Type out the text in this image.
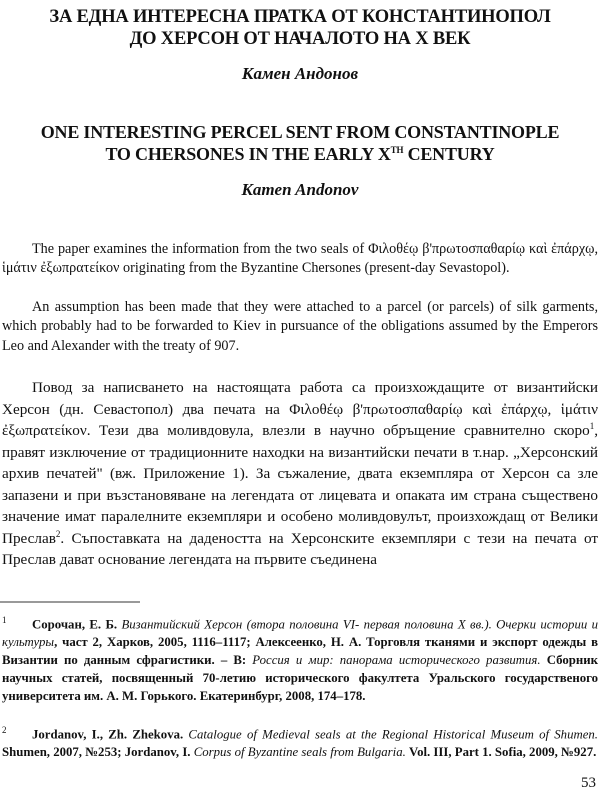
ЗА ЕДНА ИНТЕРЕСНА ПРАТКА ОТ КОНСТАНТИНОПОЛ
ДО ХЕРСОН ОТ НАЧАЛОТО НА Х ВЕК
Камен Андонов
ONE INTERESTING PERCEL SENT FROM CONSTANTINOPLE
TO CHERSONES IN THE EARLY XTH CENTURY
Kamen Andonov
The paper examines the information from the two seals of Φιλοθέῳ β'πρωτοσπαθαρίῳ καὶ ἐπάρχῳ, ἱμάτιν ἐξωπρατείκον originating from the Byzantine Chersones (present-day Sevastopol).
An assumption has been made that they were attached to a parcel (or parcels) of silk garments, which probably had to be forwarded to Kiev in pursuance of the obligations assumed by the Emperors Leo and Alexander with the treaty of 907.
Повод за написването на настоящата работа са произхождащите от византийски Херсон (дн. Севастопол) два печата на Φιλοθέῳ β'πρωτοσπαθαρίῳ καὶ ἐπάρχῳ, ἱμάτιν ἐξωπρατείκον. Тези два моливдовула, влезли в научно обръщение сравнително скоро$^1$, правят изключение от традиционните находки на византийски печати в т.нар. „Херсонский архив печатей" (вж. Приложение 1). За съжаление, двата екземпляра от Херсон са зле запазени и при възстановяване на легендата от лицевата и опаката им страна съществено значение имат паралелните екземпляри и особено моливдовулът, произхождащ от Велики Преслав$^2$. Съпоставката на дадеността на Херсонските екземпляри с тези на печата от Преслав дават основание легендата на първите съединена
1 Сорочан, Е. Б. Византийский Херсон (втора половина VI- первая половина X вв.). Очерки истории и культуры, част 2, Харков, 2005, 1116–1117; Алексеенко, Н. А. Торговля тканями и экспорт одежды в Византии по данным сфрагистики. – В: Россия и мир: панорама исторического развития. Сборник научных статей, посвященный 70-летию исторического факултета Уральского государственого университета им. А. М. Горького. Екатеринбург, 2008, 174–178.
2 Jordanov, I., Zh. Zhekova. Catalogue of Medieval seals at the Regional Historical Museum of Shumen. Shumen, 2007, №253; Jordanov, I. Corpus of Byzantine seals from Bulgaria. Vol. III, Part 1. Sofia, 2009, №927.
53
